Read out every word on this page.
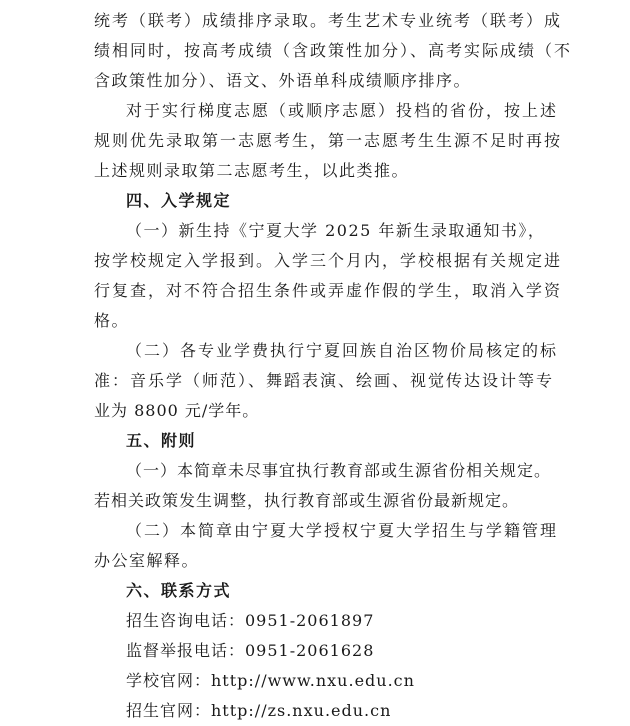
统考（联考）成绩排序录取。考生艺术专业统考（联考）成
绩相同时，按高考成绩（含政策性加分）、高考实际成绩（不
含政策性加分）、语文、外语单科成绩顺序排序。
对于实行梯度志愿（或顺序志愿）投档的省份，按上述
规则优先录取第一志愿考生，第一志愿考生生源不足时再按
上述规则录取第二志愿考生，以此类推。
四、入学规定
（一）新生持《宁夏大学 2025 年新生录取通知书》，
按学校规定入学报到。入学三个月内，学校根据有关规定进
行复查，对不符合招生条件或弄虚作假的学生，取消入学资
格。
（二）各专业学费执行宁夏回族自治区物价局核定的标
准：音乐学（师范）、舞蹈表演、绘画、视觉传达设计等专
业为 8800 元/学年。
五、附则
（一）本简章未尽事宜执行教育部或生源省份相关规定。
若相关政策发生调整，执行教育部或生源省份最新规定。
（二）本简章由宁夏大学授权宁夏大学招生与学籍管理
办公室解释。
六、联系方式
招生咨询电话：0951-2061897
监督举报电话：0951-2061628
学校官网：http://www.nxu.edu.cn
招生官网：http://zs.nxu.edu.cn
